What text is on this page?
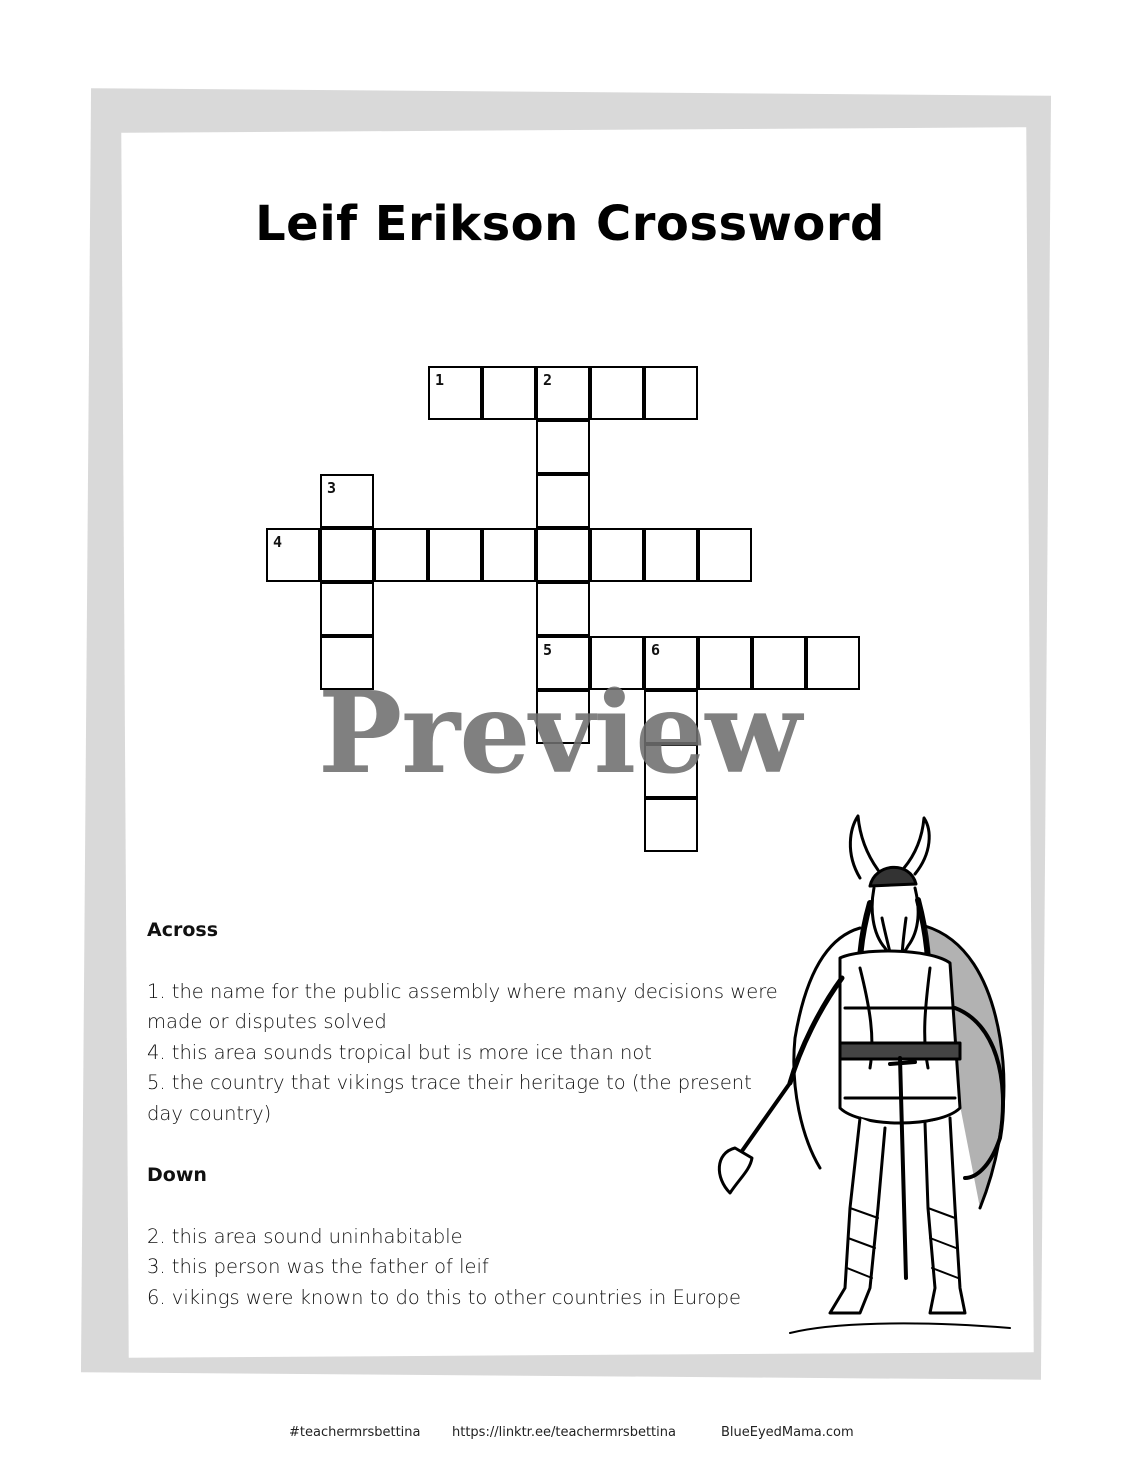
Leif Erikson Crossword
1	2
3
4
5	6
Preview
Across
1. the name for the public assembly where many decisions were made or disputes solved
4. this area sounds tropical but is more ice than not
5. the country that vikings trace their heritage to (the present day country)
Down
2. this area sound uninhabitable
3. this person was the father of leif
6. vikings were known to do this to other countries in Europe
#teachermrsbettina https://linktr.ee/teachermrsbettina	BlueEyedMama.com
